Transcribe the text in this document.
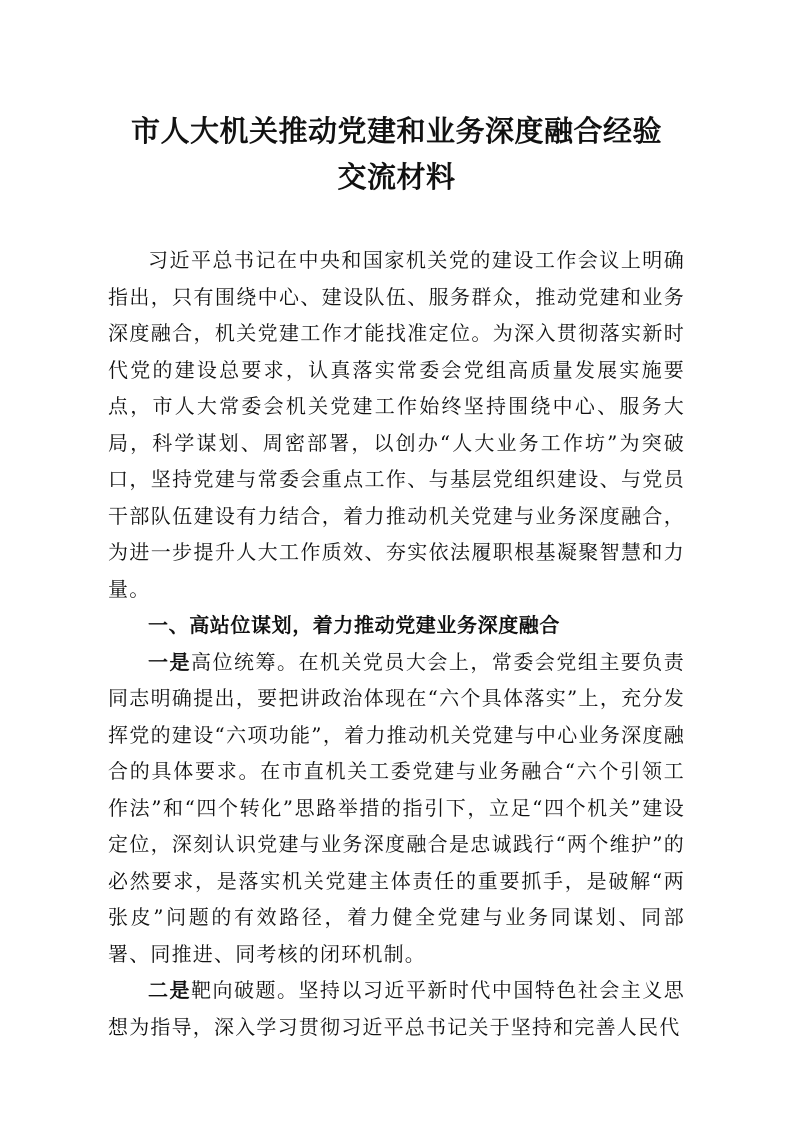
市人大机关推动党建和业务深度融合经验
交流材料

习近平总书记在中央和国家机关党的建设工作会议上明确指出，只有围绕中心、建设队伍、服务群众，推动党建和业务深度融合，机关党建工作才能找准定位。为深入贯彻落实新时代党的建设总要求，认真落实常委会党组高质量发展实施要点，市人大常委会机关党建工作始终坚持围绕中心、服务大局，科学谋划、周密部署，以创办“人大业务工作坊”为突破口，坚持党建与常委会重点工作、与基层党组织建设、与党员干部队伍建设有力结合，着力推动机关党建与业务深度融合，为进一步提升人大工作质效、夯实依法履职根基凝聚智慧和力量。

一、高站位谋划，着力推动党建业务深度融合

一是高位统筹。在机关党员大会上，常委会党组主要负责同志明确提出，要把讲政治体现在“六个具体落实”上，充分发挥党的建设“六项功能”，着力推动机关党建与中心业务深度融合的具体要求。在市直机关工委党建与业务融合“六个引领工作法”和“四个转化”思路举措的指引下，立足“四个机关”建设定位，深刻认识党建与业务深度融合是忠诚践行“两个维护”的必然要求，是落实机关党建主体责任的重要抓手，是破解“两张皮”问题的有效路径，着力健全党建与业务同谋划、同部署、同推进、同考核的闭环机制。

二是靶向破题。坚持以习近平新时代中国特色社会主义思想为指导，深入学习贯彻习近平总书记关于坚持和完善人民代
